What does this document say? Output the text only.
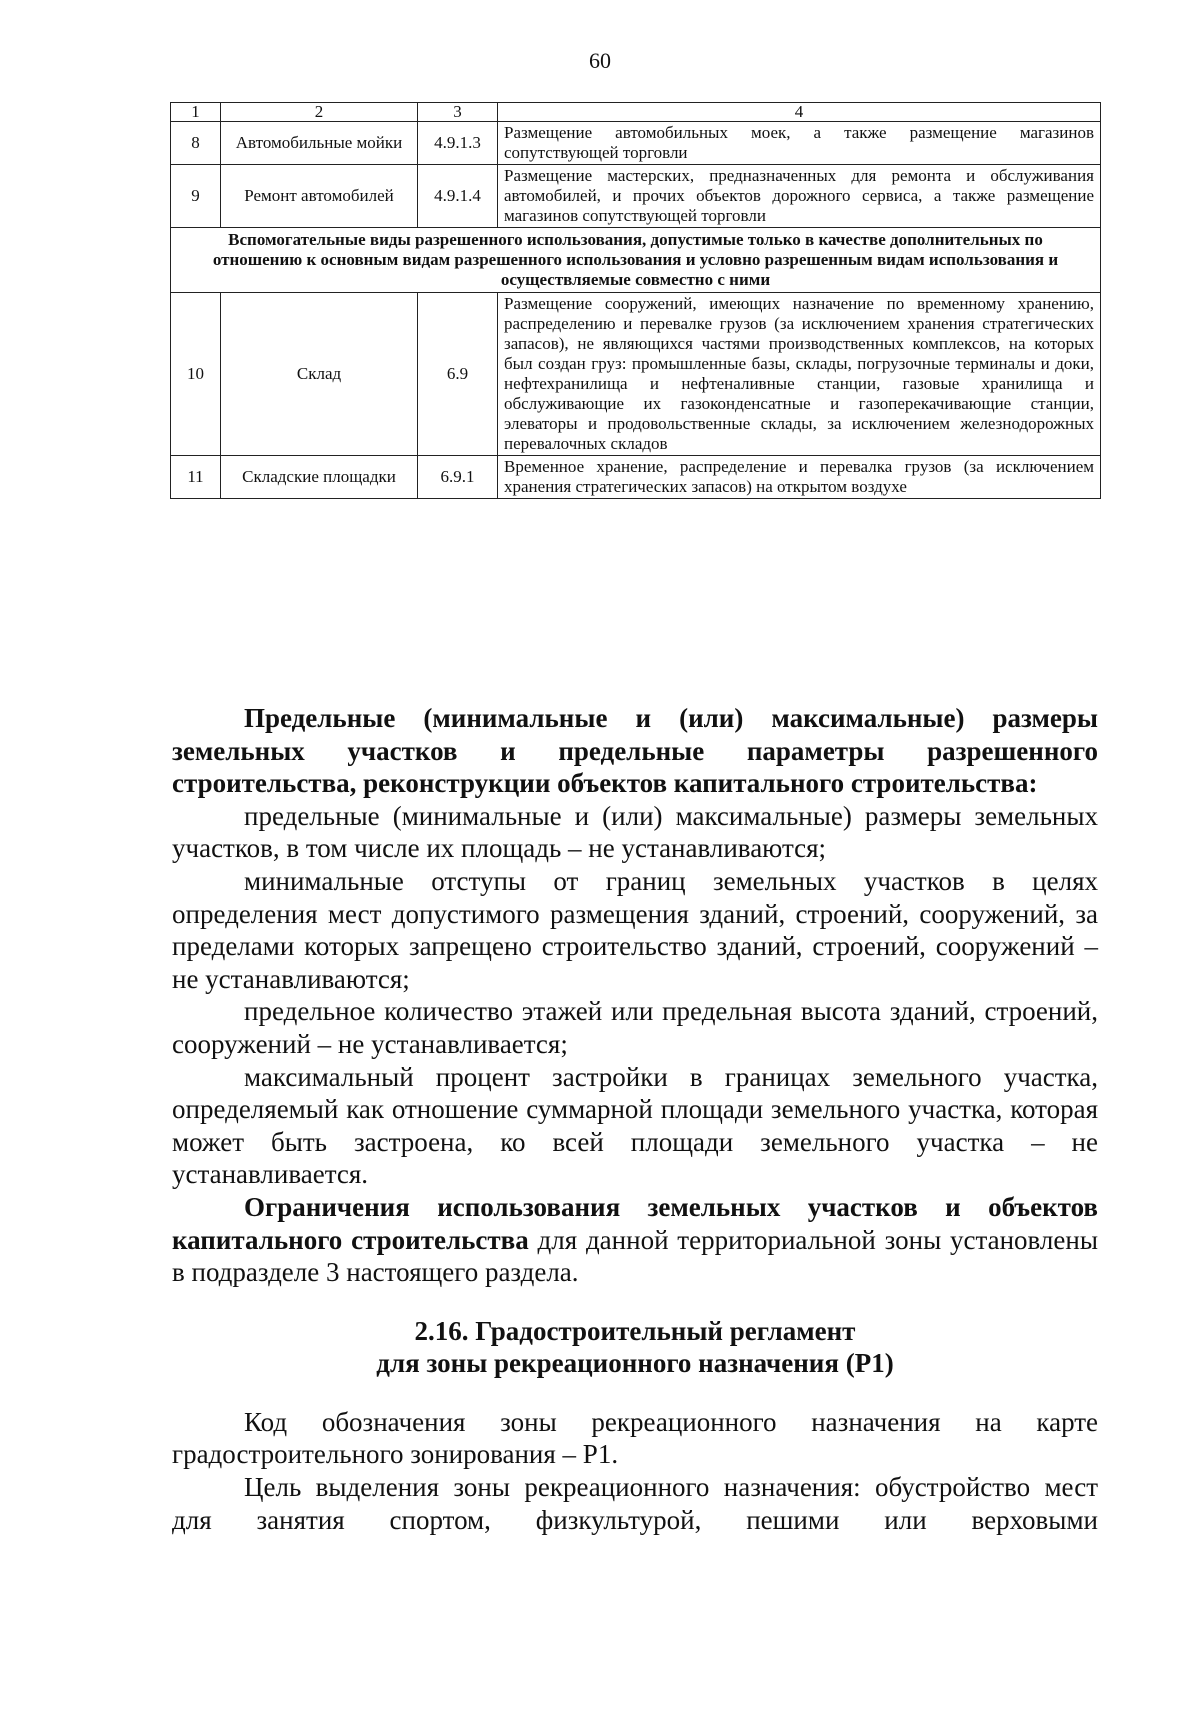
60
1	2	3	4
8	Автомобильные мойки	4.9.1.3	Размещение автомобильных моек, а также размещение магазинов сопутствующей торговли
9	Ремонт автомобилей	4.9.1.4	Размещение мастерских, предназначенных для ремонта и обслуживания автомобилей, и прочих объектов дорожного сервиса, а также размещение магазинов сопутствующей торговли
Вспомогательные виды разрешенного использования, допустимые только в качестве дополнительных по отношению к основным видам разрешенного использования и условно разрешенным видам использования и осуществляемые совместно с ними			
10	Склад	6.9	Размещение сооружений, имеющих назначение по временному хранению, распределению и перевалке грузов (за исключением хранения стратегических запасов), не являющихся частями производственных комплексов, на которых был создан груз: промышленные базы, склады, погрузочные терминалы и доки, нефтехранилища и нефтеналивные станции, газовые хранилища и обслуживающие их газоконденсатные и газоперекачивающие станции, элеваторы и продовольственные склады, за исключением железнодорожных перевалочных складов
11	Складские площадки	6.9.1	Временное хранение, распределение и перевалка грузов (за исключением хранения стратегических запасов) на открытом воздухе

Предельные (минимальные и (или) максимальные) размеры земельных участков и предельные параметры разрешенного строительства, реконструкции объектов капитального строительства:

предельные (минимальные и (или) максимальные) размеры земельных участков, в том числе их площадь – не устанавливаются;

минимальные отступы от границ земельных участков в целях определения мест допустимого размещения зданий, строений, сооружений, за пределами которых запрещено строительство зданий, строений, сооружений – не устанавливаются;

предельное количество этажей или предельная высота зданий, строений, сооружений – не устанавливается;

максимальный процент застройки в границах земельного участка, определяемый как отношение суммарной площади земельного участка, которая может быть застроена, ко всей площади земельного участка – не устанавливается.

Ограничения использования земельных участков и объектов капитального строительства для данной территориальной зоны установлены в подразделе 3 настоящего раздела.

2.16. Градостроительный регламент

для зоны рекреационного назначения (Р1)

Код обозначения зоны рекреационного назначения на карте градостроительного зонирования – Р1.

Цель выделения зоны рекреационного назначения: обустройство мест для занятия спортом, физкультурой, пешими или верховыми
